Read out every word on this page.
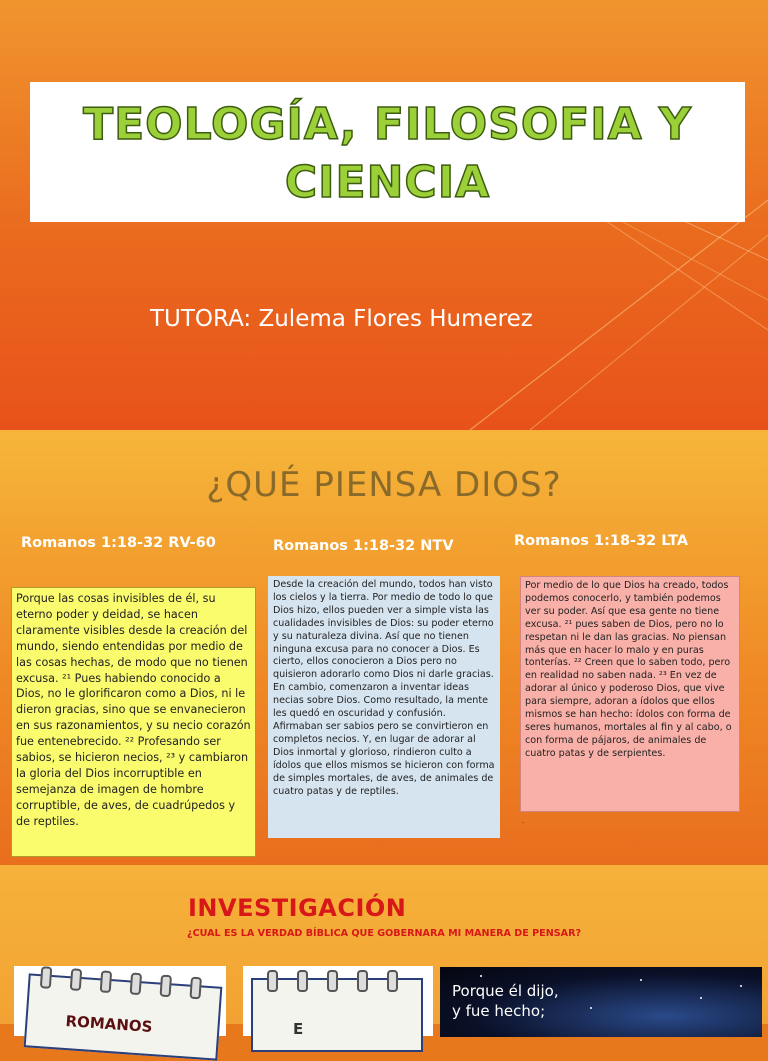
TEOLOGÍA, FILOSOFIA Y
CIENCIA
TUTORA: Zulema Flores Humerez
¿QUÉ PIENSA DIOS?
Romanos 1:18-32 RV-60	Romanos 1:18-32 NTV	Romanos 1:18-32 LTA
Porque las cosas invisibles de él, su eterno poder y deidad, se hacen claramente visibles desde la creación del mundo, siendo entendidas por medio de las cosas hechas, de modo que no tienen excusa. ²¹ Pues habiendo conocido a Dios, no le glorificaron como a Dios, ni le dieron gracias, sino que se envanecieron en sus razonamientos, y su necio corazón fue entenebrecido. ²² Profesando ser sabios, se hicieron necios, ²³ y cambiaron la gloria del Dios incorruptible en semejanza de imagen de hombre corruptible, de aves, de cuadrúpedos y de reptiles.
Desde la creación del mundo, todos han visto los cielos y la tierra. Por medio de todo lo que Dios hizo, ellos pueden ver a simple vista las cualidades invisibles de Dios: su poder eterno y su naturaleza divina. Así que no tienen ninguna excusa para no conocer a Dios. Es cierto, ellos conocieron a Dios pero no quisieron adorarlo como Dios ni darle gracias. En cambio, comenzaron a inventar ideas necias sobre Dios. Como resultado, la mente les quedó en oscuridad y confusión. Afirmaban ser sabios pero se convirtieron en completos necios. Y, en lugar de adorar al Dios inmortal y glorioso, rindieron culto a ídolos que ellos mismos se hicieron con forma de simples mortales, de aves, de animales de cuatro patas y de reptiles.
Por medio de lo que Dios ha creado, todos podemos conocerlo, y también podemos ver su poder. Así que esa gente no tiene excusa. ²¹ pues saben de Dios, pero no lo respetan ni le dan las gracias. No piensan más que en hacer lo malo y en puras tonterías. ²² Creen que lo saben todo, pero en realidad no saben nada. ²³ En vez de adorar al único y poderoso Dios, que vive para siempre, adoran a ídolos que ellos mismos se han hecho: ídolos con forma de seres humanos, mortales al fin y al cabo, o con forma de pájaros, de animales de cuatro patas y de serpientes.
.
INVESTIGACIÓN
¿CUAL ES LA VERDAD BÍBLICA QUE GOBERNARA MI MANERA DE PENSAR?
ROMANOS	E
Porque él dijo,
y fue hecho;
